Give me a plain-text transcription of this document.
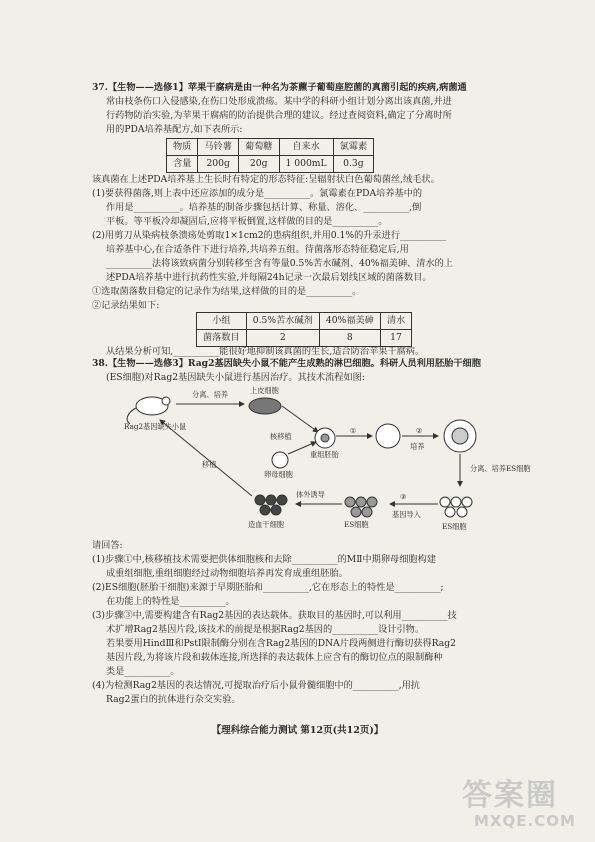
37.【生物——选修1】苹果干腐病是由一种名为茶藨子葡萄座腔菌的真菌引起的疾病,病菌通
常由枝条伤口入侵感染,在伤口处形成溃疡。某中学的科研小组计划分离出该真菌,并进
行药物防治实验,为苹果干腐病的防治提供合理的建议。经过查阅资料,确定了分离时所
用的PDA培养基配方,如下表所示:
物质	马铃薯	葡萄糖	自来水	氯霉素
含量	200g	20g	1 000mL	0.3g
该真菌在上述PDA培养基上生长时有特定的形态特征:呈辐射状白色葡萄菌丝,绒毛状。
(1)要获得菌落,则上表中还应添加的成分是__________。氯霉素在PDA培养基中的
作用是__________。培养基的制备步骤包括计算、称量、溶化、__________,倒
平板。等平板冷却凝固后,应将平板倒置,这样做的目的是__________。
(2)用剪刀从染病枝条溃疡处剪取1×1cm2的患病组织,并用0.1%的升汞进行__________
培养基中心,在合适条件下进行培养,共培养五组。待菌落形态特征稳定后,用
__________法将该致病菌分别转移至含有等量0.5%苦水碱剂、40%福美砷、清水的上
述PDA培养基中进行抗药性实验,并每隔24h记录一次最后划线区域的菌落数目。
①选取菌落数目稳定的记录作为结果,这样做的目的是__________。
②记录结果如下:
小组	0.5%苦水碱剂	40%福美砷	清水
菌落数目	2	8	17
从结果分析可知,__________能很好地抑制该真菌的生长,适合防治苹果干腐病。
38.【生物——选修3】Rag2基因缺失小鼠不能产生成熟的淋巴细胞。科研人员利用胚胎干细胞
(ES细胞)对Rag2基因缺失小鼠进行基因治疗。其技术流程如图:
Rag2基因缺失小鼠
分离、培养	上皮细胞
核移植
卵母细胞
重组胚胎
①	②
培养
分离、培养ES细胞
移植
体外诱导	③
基因导入
造血干细胞	ES细胞	ES细胞
请回答:
(1)步骤①中,核移植技术需要把供体细胞核和去除__________的MⅡ中期卵母细胞构建
成重组细胞,重组细胞经过动物细胞培养再发育成重组胚胎。
(2)ES细胞(胚胎干细胞)来源于早期胚胎和__________,它在形态上的特性是__________;
在功能上的特性是__________。
(3)步骤③中,需要构建含有Rag2基因的表达载体。获取目的基因时,可以利用__________技
术扩增Rag2基因片段,该技术的前提是根据Rag2基因的__________设计引物。
若果要用HindⅢ和PstⅠ限制酶分别在含Rag2基因的DNA片段两侧进行酶切获得Rag2
基因片段,为将该片段和载体连接,所选择的表达载体上应含有的酶切位点的限制酶种
类是__________。
(4)为检测Rag2基因的表达情况,可提取治疗后小鼠骨髓细胞中的__________,用抗
Rag2蛋白的抗体进行杂交实验。
【理科综合能力测试 第12页(共12页)】
答案圈
MXQE.COM
